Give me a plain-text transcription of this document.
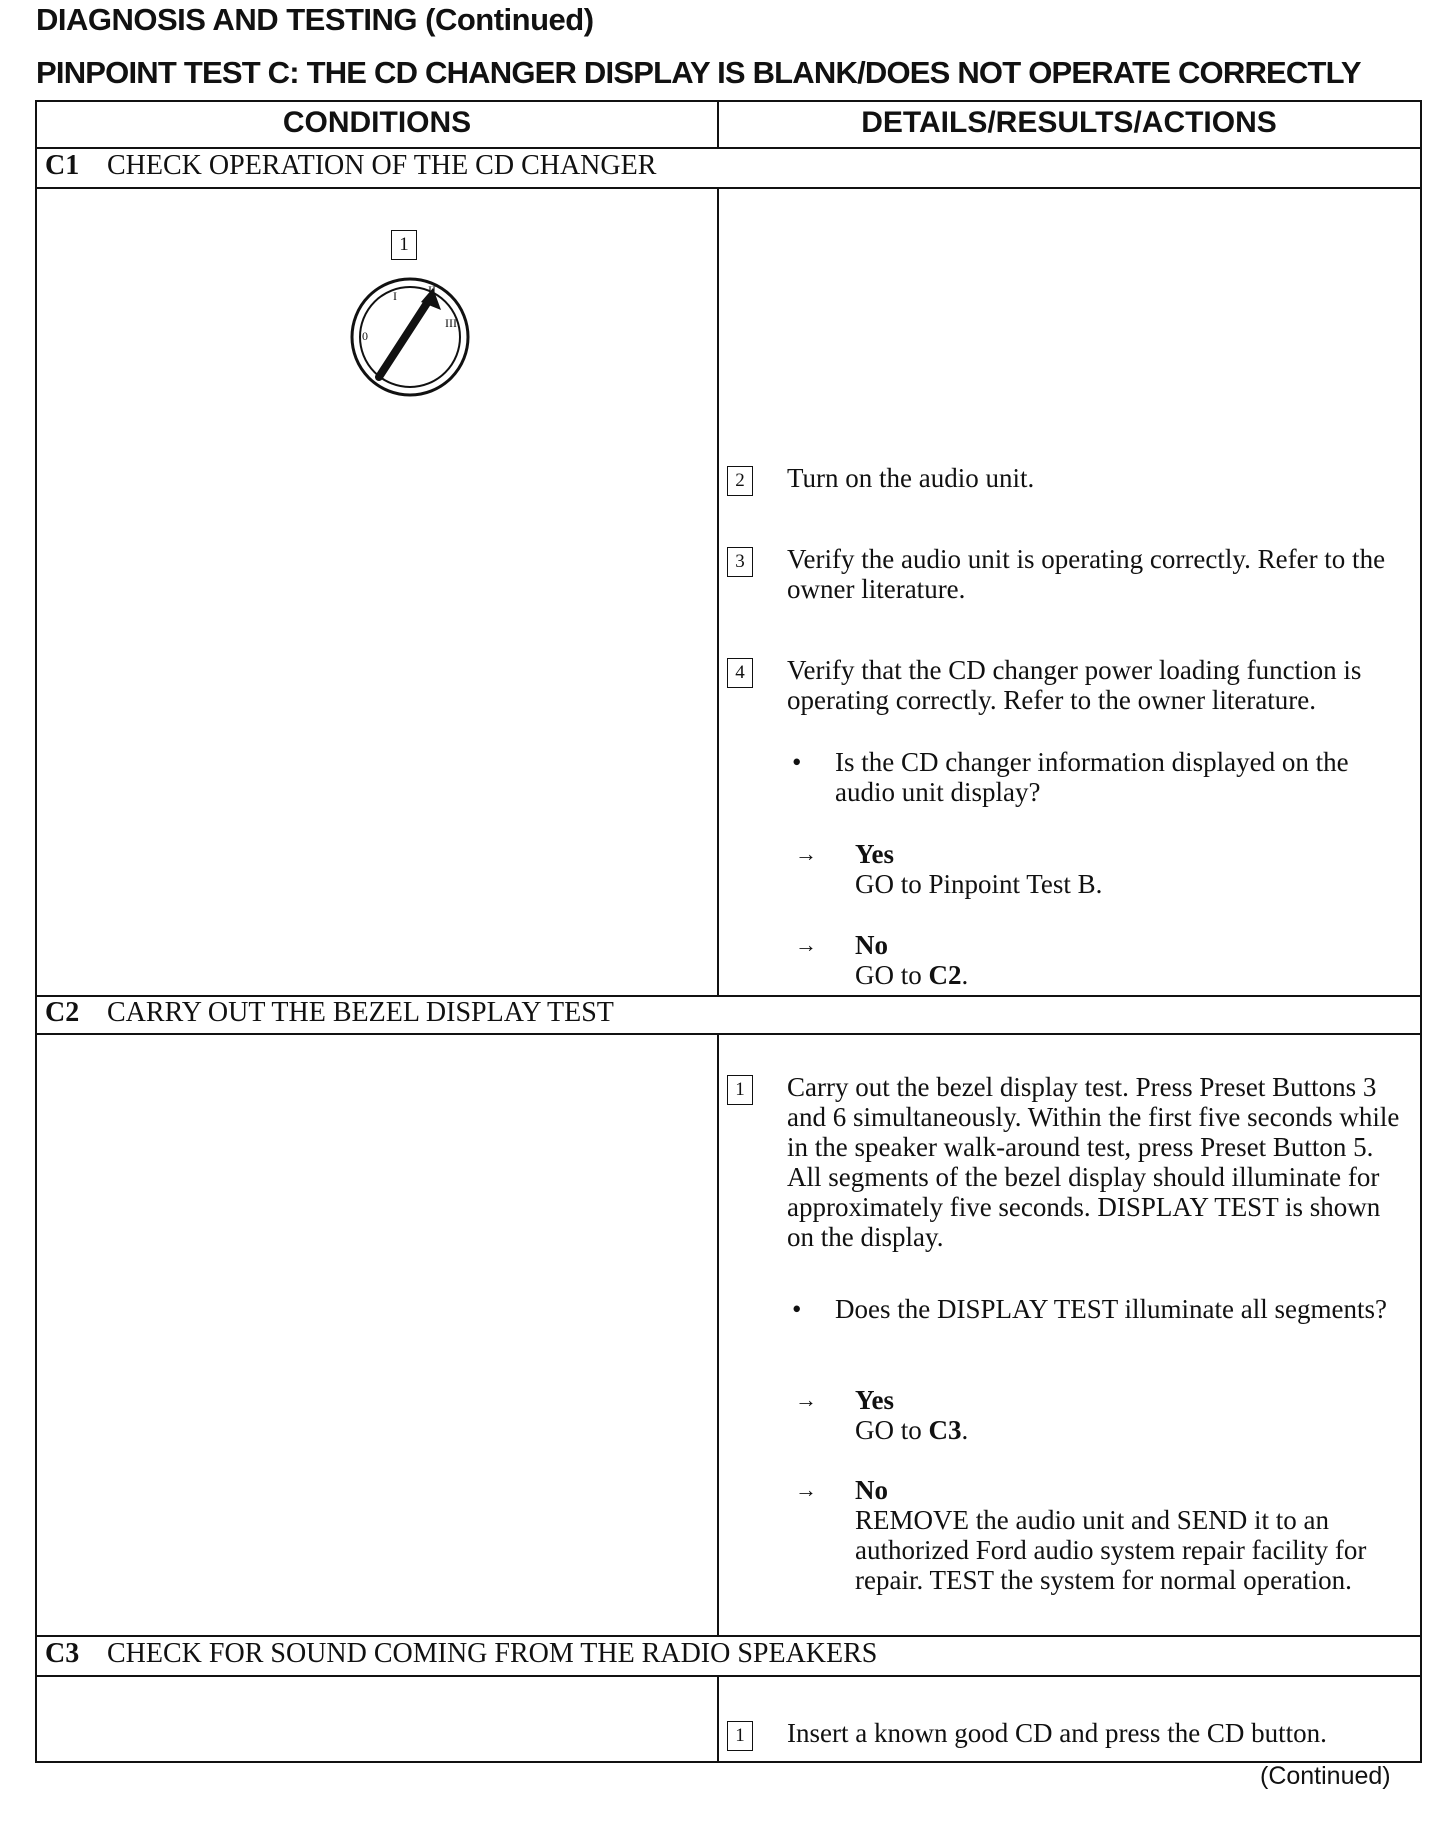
DIAGNOSIS AND TESTING (Continued)
PINPOINT TEST C: THE CD CHANGER DISPLAY IS BLANK/DOES NOT OPERATE CORRECTLY
CONDITIONS	DETAILS/RESULTS/ACTIONS
C1 CHECK OPERATION OF THE CD CHANGER
1
0
I	II
III
2	Turn on the audio unit.
3	Verify the audio unit is operating correctly. Refer to the owner literature.
4	Verify that the CD changer power loading function is operating correctly. Refer to the owner literature.
• Is the CD changer information displayed on the audio unit display?
→ Yes
GO to Pinpoint Test B.
→ No
GO to C2.
C2 CARRY OUT THE BEZEL DISPLAY TEST
1	Carry out the bezel display test. Press Preset Buttons 3 and 6 simultaneously. Within the first five seconds while in the speaker walk-around test, press Preset Button 5. All segments of the bezel display should illuminate for approximately five seconds. DISPLAY TEST is shown on the display.
• Does the DISPLAY TEST illuminate all segments?
→ Yes
GO to C3.
→ No
REMOVE the audio unit and SEND it to an authorized Ford audio system repair facility for repair. TEST the system for normal operation.
C3 CHECK FOR SOUND COMING FROM THE RADIO SPEAKERS
1	Insert a known good CD and press the CD button.
(Continued)
